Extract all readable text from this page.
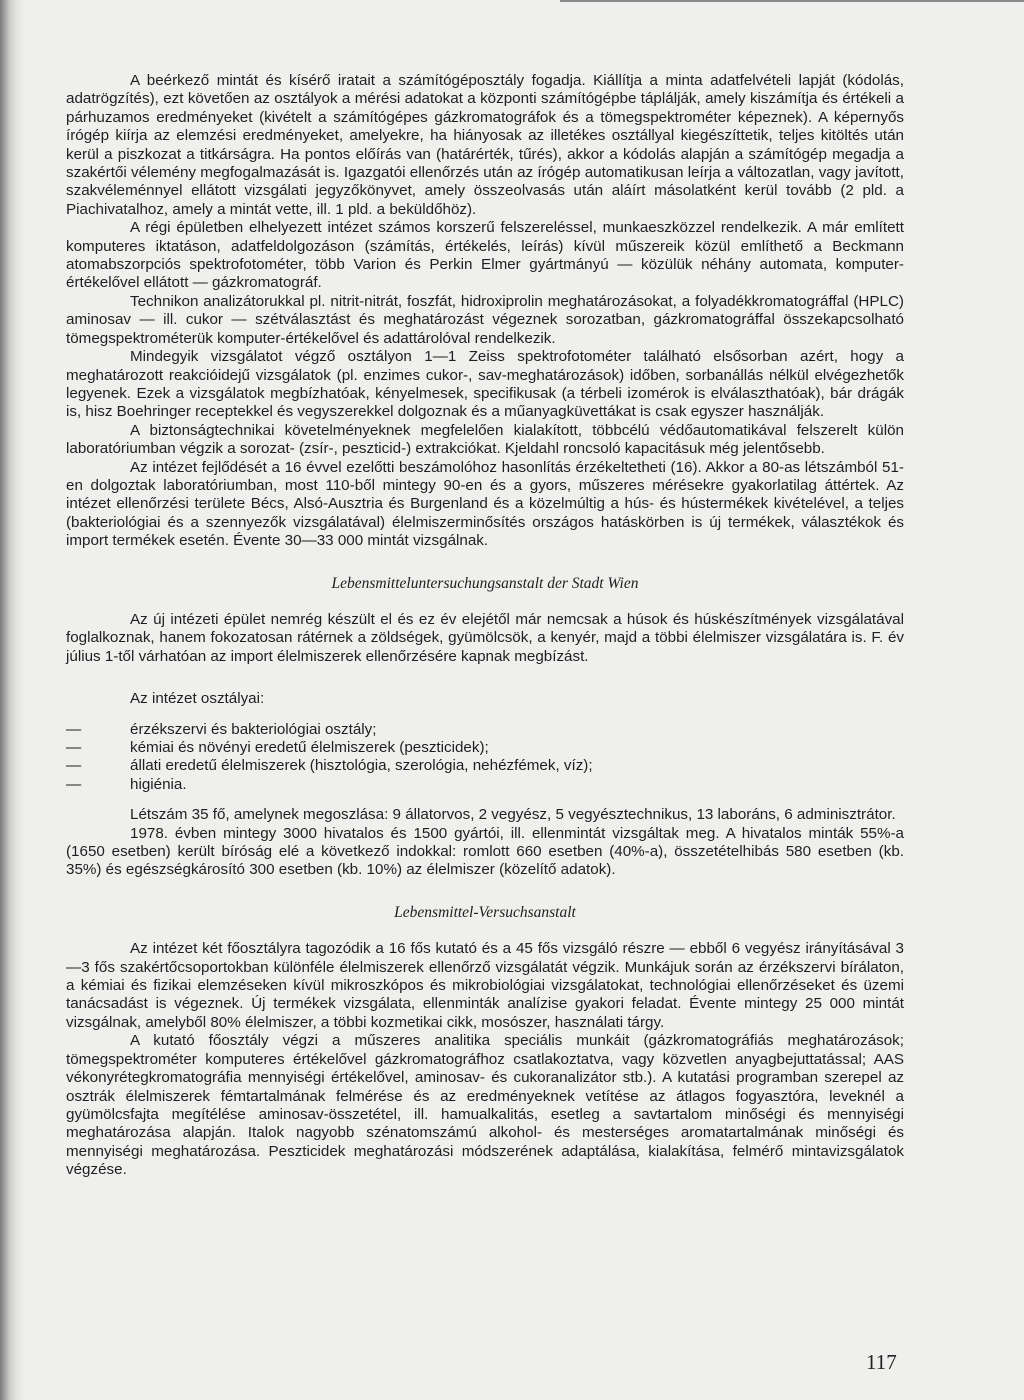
A beérkező mintát és kísérő iratait a számítógéposztály fogadja. Kiállítja a minta adatfelvételi lapját (kódolás, adatrögzítés), ezt követően az osztályok a mérési adatokat a központi számítógépbe táplálják, amely kiszámítja és értékeli a párhuzamos eredményeket (kivételt a számítógépes gázkromatográfok és a tömegspektrométer képeznek). A képernyős írógép kiírja az elemzési eredményeket, amelyekre, ha hiányosak az illetékes osztállyal kiegészíttetik, teljes kitöltés után kerül a piszkozat a titkárságra. Ha pontos előírás van (határérték, tűrés), akkor a kódolás alapján a számítógép megadja a szakértői vélemény megfogalmazását is. Igazgatói ellenőrzés után az írógép automatikusan leírja a változatlan, vagy javított, szakvéleménnyel ellátott vizsgálati jegyzőkönyvet, amely összeolvasás után aláírt másolatként kerül tovább (2 pld. a Piachivatalhoz, amely a mintát vette, ill. 1 pld. a beküldőhöz).

A régi épületben elhelyezett intézet számos korszerű felszereléssel, munkaeszközzel rendelkezik. A már említett komputeres iktatáson, adatfeldolgozáson (számítás, értékelés, leírás) kívül műszereik közül említhető a Beckmann atomabszorpciós spektrofotométer, több Varion és Perkin Elmer gyártmányú — közülük néhány automata, komputer-értékelővel ellátott — gázkromatográf.

Technikon analizátorukkal pl. nitrit-nitrát, foszfát, hidroxiprolin meghatározásokat, a folyadékkromatográffal (HPLC) aminosav — ill. cukor — szétválasztást és meghatározást végeznek sorozatban, gázkromatográffal összekapcsolható tömegspektrométerük komputer-értékelővel és adattárolóval rendelkezik.

Mindegyik vizsgálatot végző osztályon 1—1 Zeiss spektrofotométer található elsősorban azért, hogy a meghatározott reakcióidejű vizsgálatok (pl. enzimes cukor-, sav-meghatározások) időben, sorbanállás nélkül elvégezhetők legyenek. Ezek a vizsgálatok megbízhatóak, kényelmesek, specifikusak (a térbeli izomérok is elválaszthatóak), bár drágák is, hisz Boehringer receptekkel és vegyszerekkel dolgoznak és a műanyagküvettákat is csak egyszer használják.

A biztonságtechnikai követelményeknek megfelelően kialakított, többcélú védőautomatikával felszerelt külön laboratóriumban végzik a sorozat- (zsír-, peszticid-) extrakciókat. Kjeldahl roncsoló kapacitásuk még jelentősebb.

Az intézet fejlődését a 16 évvel ezelőtti beszámolóhoz hasonlítás érzékeltetheti (16). Akkor a 80-as létszámból 51-en dolgoztak laboratóriumban, most 110-ből mintegy 90-en és a gyors, műszeres mérésekre gyakorlatilag áttértek. Az intézet ellenőrzési területe Bécs, Alsó-Ausztria és Burgenland és a közelmúltig a hús- és hústermékek kivételével, a teljes (bakteriológiai és a szennyezők vizsgálatával) élelmiszerminősítés országos hatáskörben is új termékek, választékok és import termékek esetén. Évente 30—33 000 mintát vizsgálnak.

Lebensmitteluntersuchungsanstalt der Stadt Wien

Az új intézeti épület nemrég készült el és ez év elejétől már nemcsak a húsok és húskészítmények vizsgálatával foglalkoznak, hanem fokozatosan rátérnek a zöldségek, gyümölcsök, a kenyér, majd a többi élelmiszer vizsgálatára is. F. év július 1-től várhatóan az import élelmiszerek ellenőrzésére kapnak megbízást.

Az intézet osztályai:

—	érzékszervi és bakteriológiai osztály;
—	kémiai és növényi eredetű élelmiszerek (peszticidek);
—	állati eredetű élelmiszerek (hisztológia, szerológia, nehézfémek, víz);
—	higiénia.

Létszám 35 fő, amelynek megoszlása: 9 állatorvos, 2 vegyész, 5 vegyésztechnikus, 13 laboráns, 6 adminisztrátor.

1978. évben mintegy 3000 hivatalos és 1500 gyártói, ill. ellenmintát vizsgáltak meg. A hivatalos minták 55%-a (1650 esetben) került bíróság elé a következő indokkal: romlott 660 esetben (40%-a), összetételhibás 580 esetben (kb. 35%) és egészségkárosító 300 esetben (kb. 10%) az élelmiszer (közelítő adatok).

Lebensmittel-Versuchsanstalt

Az intézet két főosztályra tagozódik a 16 fős kutató és a 45 fős vizsgáló részre — ebből 6 vegyész irányításával 3—3 fős szakértőcsoportokban különféle élelmiszerek ellenőrző vizsgálatát végzik. Munkájuk során az érzékszervi bírálaton, a kémiai és fizikai elemzéseken kívül mikroszkópos és mikrobiológiai vizsgálatokat, technológiai ellenőrzéseket és üzemi tanácsadást is végeznek. Új termékek vizsgálata, ellenminták analízise gyakori feladat. Évente mintegy 25 000 mintát vizsgálnak, amelyből 80% élelmiszer, a többi kozmetikai cikk, mosószer, használati tárgy.

A kutató főosztály végzi a műszeres analitika speciális munkáit (gázkromatográfiás meghatározások; tömegspektrométer komputeres értékelővel gázkromatográfhoz csatlakoztatva, vagy közvetlen anyagbejuttatással; AAS vékonyrétegkromatográfia mennyiségi értékelővel, aminosav- és cukoranalizátor stb.). A kutatási programban szerepel az osztrák élelmiszerek fémtartalmának felmérése és az eredményeknek vetítése az átlagos fogyasztóra, leveknél a gyümölcsfajta megítélése aminosav-összetétel, ill. hamualkalitás, esetleg a savtartalom minőségi és mennyiségi meghatározása alapján. Italok nagyobb szénatomszámú alkohol- és mesterséges aromatartalmának minőségi és mennyiségi meghatározása. Peszticidek meghatározási módszerének adaptálása, kialakítása, felmérő mintavizsgálatok végzése.

117
